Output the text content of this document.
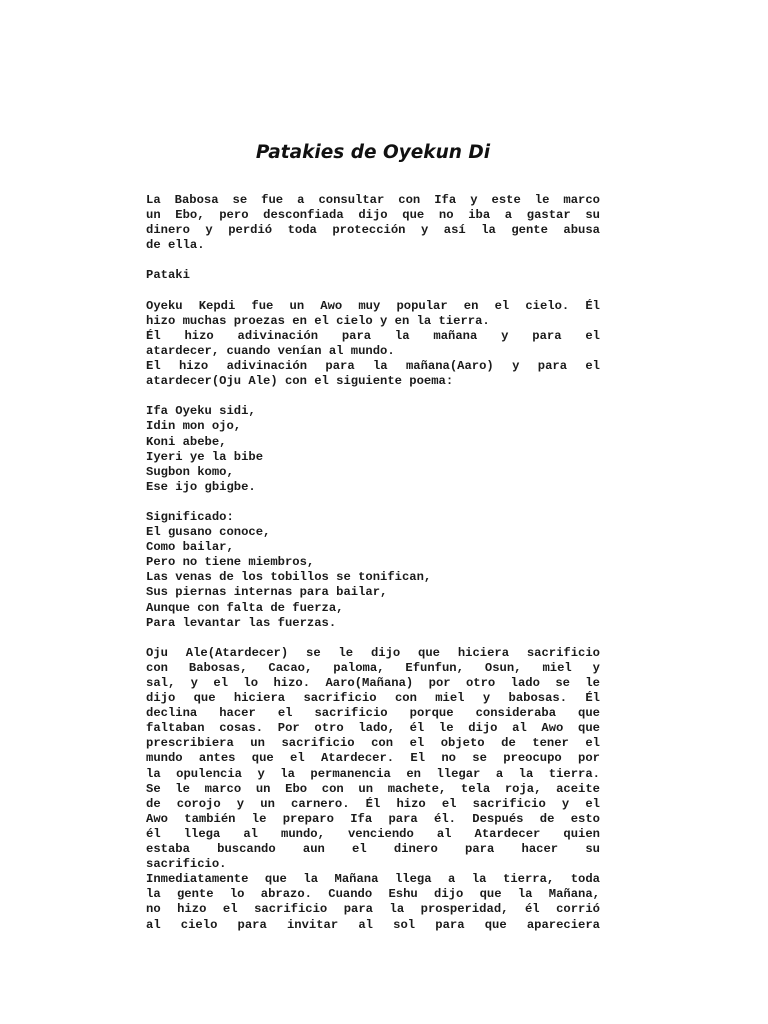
Patakies de Oyekun Di
La Babosa se fue a consultar con Ifa y este le marco
un Ebo, pero desconfiada dijo que no iba a gastar su
dinero y perdió toda protección y así la gente abusa
de ella.
Pataki
Oyeku Kepdi fue un Awo muy popular en el cielo. Él
hizo muchas proezas en el cielo y en la tierra.
Él hizo adivinación para la mañana y para el
atardecer, cuando venían al mundo.
El hizo adivinación para la mañana(Aaro) y para el
atardecer(Oju Ale) con el siguiente poema:
Ifa Oyeku sidi,
Idin mon ojo,
Koni abebe,
Iyeri ye la bibe
Sugbon komo,
Ese ijo gbigbe.
Significado:
El gusano conoce,
Como bailar,
Pero no tiene miembros,
Las venas de los tobillos se tonifican,
Sus piernas internas para bailar,
Aunque con falta de fuerza,
Para levantar las fuerzas.
Oju Ale(Atardecer) se le dijo que hiciera sacrificio
con Babosas, Cacao, paloma, Efunfun, Osun, miel y
sal, y el lo hizo. Aaro(Mañana) por otro lado se le
dijo que hiciera sacrificio con miel y babosas. Él
declina hacer el sacrificio porque consideraba que
faltaban cosas. Por otro lado, él le dijo al Awo que
prescribiera un sacrificio con el objeto de tener el
mundo antes que el Atardecer. El no se preocupo por
la opulencia y la permanencia en llegar a la tierra.
Se le marco un Ebo con un machete, tela roja, aceite
de corojo y un carnero. Él hizo el sacrificio y el
Awo también le preparo Ifa para él. Después de esto
él llega al mundo, venciendo al Atardecer quien
estaba buscando aun el dinero para hacer su
sacrificio.
Inmediatamente que la Mañana llega a la tierra, toda
la gente lo abrazo. Cuando Eshu dijo que la Mañana,
no hizo el sacrificio para la prosperidad, él corrió
al cielo para invitar al sol para que apareciera
